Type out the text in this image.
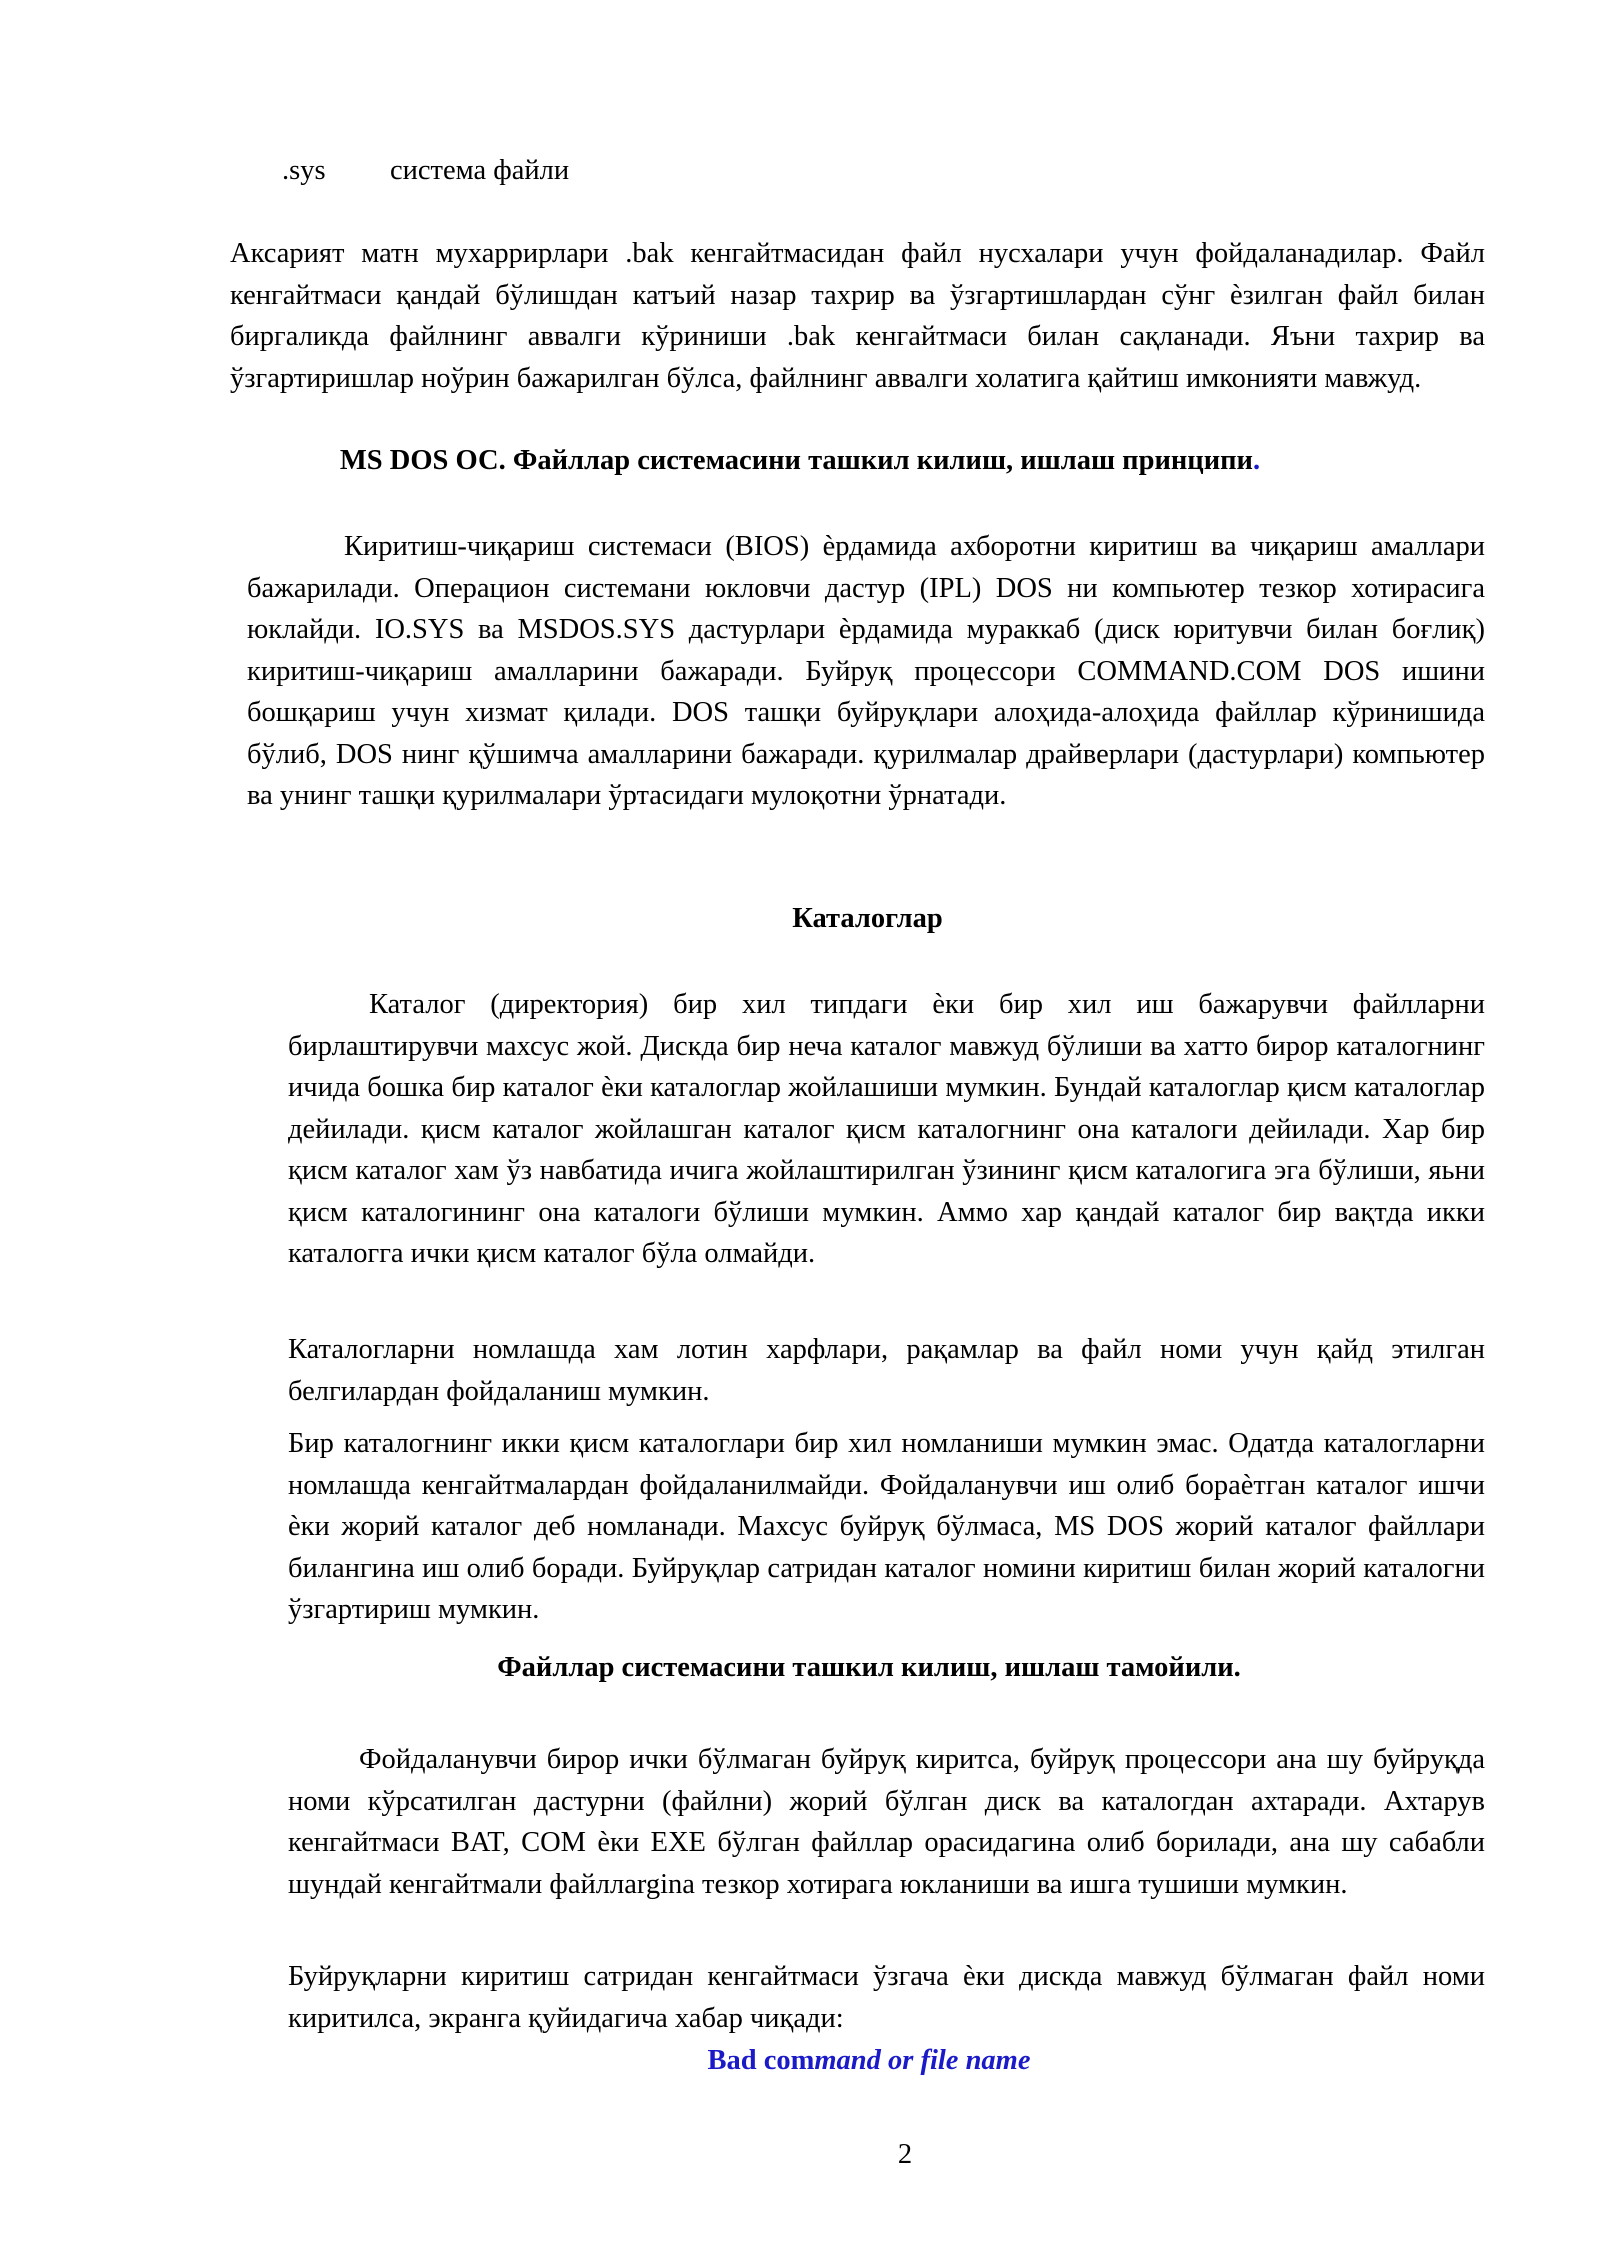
.sys система файли
Аксарият матн мухаррирлари .bak кенгайтмасидан файл нусхалари учун фойдаланадилар. Файл кенгайтмаси қандай бўлишдан катъий назар тахрир ва ўзгартишлардан сўнг èзилган файл билан биргаликда файлнинг аввалги кўриниши .bak кенгайтмаси билан сақланади. Яъни тахрир ва ўзгартиришлар ноўрин бажарилган бўлса, файлнинг аввалги холатига қайтиш имконияти мавжуд.
MS DOS ОС. Файллар системасини ташкил килиш, ишлаш принципи.
Киритиш-чиқариш системаси (BIOS) èрдамида ахборотни киритиш ва чиқариш амаллари бажарилади. Операцион системани юкловчи дастур (IPL) DOS ни компьютер тезкор хотирасига юклайди. IO.SYS ва MSDOS.SYS дастурлари èрдамида мураккаб (диск юритувчи билан боғлиқ) киритиш-чиқариш амалларини бажаради. Буйруқ процессори COMMAND.COM DOS ишини бошқариш учун хизмат қилади. DOS ташқи буйруқлари алоҳида-алоҳида файллар кўринишида бўлиб, DOS нинг қўшимча амалларини бажаради. қурилмалар драйверлари (дастурлари) компьютер ва унинг ташқи қурилмалари ўртасидаги мулоқотни ўрнатади.
Каталоглар
Каталог (директория) бир хил типдаги èки бир хил иш бажарувчи файлларни бирлаштирувчи махсус жой. Дискда бир неча каталог мавжуд бўлиши ва хатто бирор каталогнинг ичида бошка бир каталог èки каталоглар жойлашиши мумкин. Бундай каталоглар қисм каталоглар дейилади. қисм каталог жойлашган каталог қисм каталогнинг она каталоги дейилади. Хар бир қисм каталог хам ўз навбатида ичига жойлаштирилган ўзининг қисм каталогига эга бўлиши, яьни қисм каталогининг она каталоги бўлиши мумкин. Аммо хар қандай каталог бир вақтда икки каталогга ички қисм каталог бўла олмайди.
Каталогларни номлашда хам лотин харфлари, рақамлар ва файл номи учун қайд этилган белгилардан фойдаланиш мумкин.
Бир каталогнинг икки қисм каталоглари бир хил номланиши мумкин эмас. Одатда каталогларни номлашда кенгайтмалардан фойдаланилмайди. Фойдаланувчи иш олиб бораèтган каталог ишчи èки жорий каталог деб номланади. Махсус буйруқ бўлмаса, MS DOS жорий каталог файллари билангина иш олиб боради. Буйруқлар сатридан каталог номини киритиш билан жорий каталогни ўзгартириш мумкин.
Файллар системасини ташкил килиш, ишлаш тамойили.
Фойдаланувчи бирор ички бўлмаган буйруқ киритса, буйруқ процессори ана шу буйруқда номи кўрсатилган дастурни (файлни) жорий бўлган диск ва каталогдан ахтаради. Ахтарув кенгайтмаси BAT, COM èки EXE бўлган файллар орасидагина олиб борилади, ана шу сабабли шундай кенгайтмали файллargina тезкор хотирага юкланиши ва ишга тушиши мумкин.
Буйруқларни киритиш сатридан кенгайтмаси ўзгача èки дискда мавжуд бўлмаган файл номи киритилса, экранга қуйидагича хабар чиқади:
Bad command or file name
2
